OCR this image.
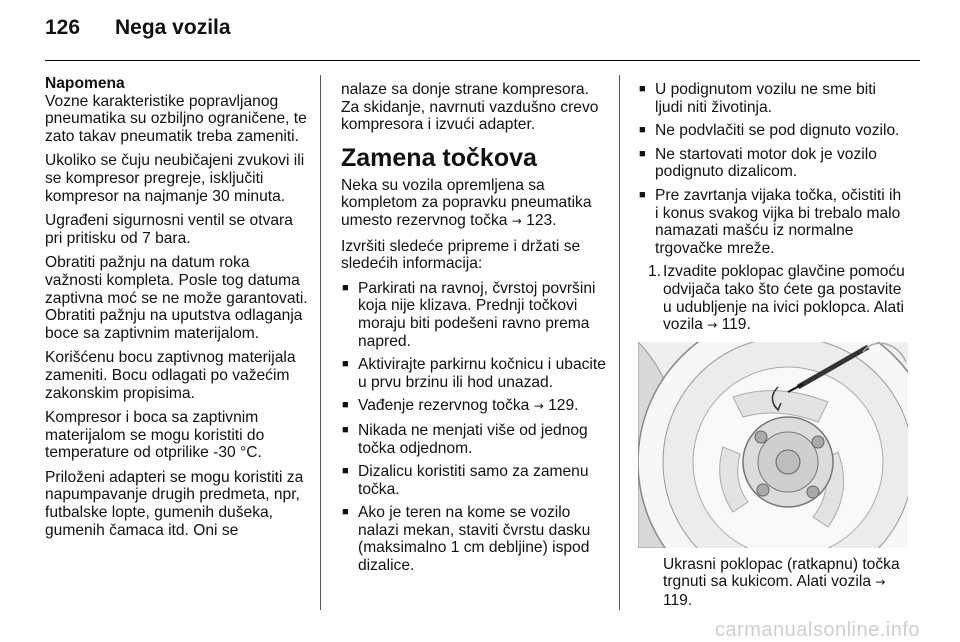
126 Nega vozila

Napomena

Vozne karakteristike popravljanog pneumatika su ozbiljno ograničene, te zato takav pneumatik treba zameniti.

Ukoliko se čuju neubičajeni zvukovi ili se kompresor pregreje, isključiti kompresor na najmanje 30 minuta.

Ugrađeni sigurnosni ventil se otvara pri pritisku od 7 bara.

Obratiti pažnju na datum roka važnosti kompleta. Posle tog datuma zaptivna moć se ne može garantovati. Obratiti pažnju na uputstva odlaganja boce sa zaptivnim materijalom.

Korišćenu bocu zaptivnog materijala zameniti. Bocu odlagati po važećim zakonskim propisima.

Kompresor i boca sa zaptivnim materijalom se mogu koristiti do temperature od otprilike -30 °C.

Priloženi adapteri se mogu koristiti za napumpavanje drugih predmeta, npr, futbalske lopte, gumenih dušeka, gumenih čamaca itd. Oni se

nalaze sa donje strane kompresora. Za skidanje, navrnuti vazdušno crevo kompresora i izvući adapter.

Zamena točkova

Neka su vozila opremljena sa kompletom za popravku pneumatika umesto rezervnog točka → 123.

Izvršiti sledeće pripreme i držati se sledećih informacija:

■ Parkirati na ravnoj, čvrstoj površini koja nije klizava. Prednji točkovi moraju biti podešeni ravno prema napred.
■ Aktivirajte parkirnu kočnicu i ubacite u prvu brzinu ili hod unazad.
■ Vađenje rezervnog točka → 129.
■ Nikada ne menjati više od jednog točka odjednom.
■ Dizalicu koristiti samo za zamenu točka.
■ Ako je teren na kome se vozilo nalazi mekan, staviti čvrstu dasku (maksimalno 1 cm debljine) ispod dizalice.
■ U podignutom vozilu ne sme biti ljudi niti životinja.
■ Ne podvlačiti se pod dignuto vozilo.
■ Ne startovati motor dok je vozilo podignuto dizalicom.
■ Pre zavrtanja vijaka točka, očistiti ih i konus svakog vijka bi trebalo malo namazati mašću iz normalne trgovačke mreže.
1. Izvadite poklopac glavčine pomoću odvijača tako što ćete ga postavite u udubljenje na ivici poklopca. Alati vozila → 119.

Ukrasni poklopac (ratkapnu) točka trgnuti sa kukicom. Alati vozila → 119.

carmanualsonline.info
